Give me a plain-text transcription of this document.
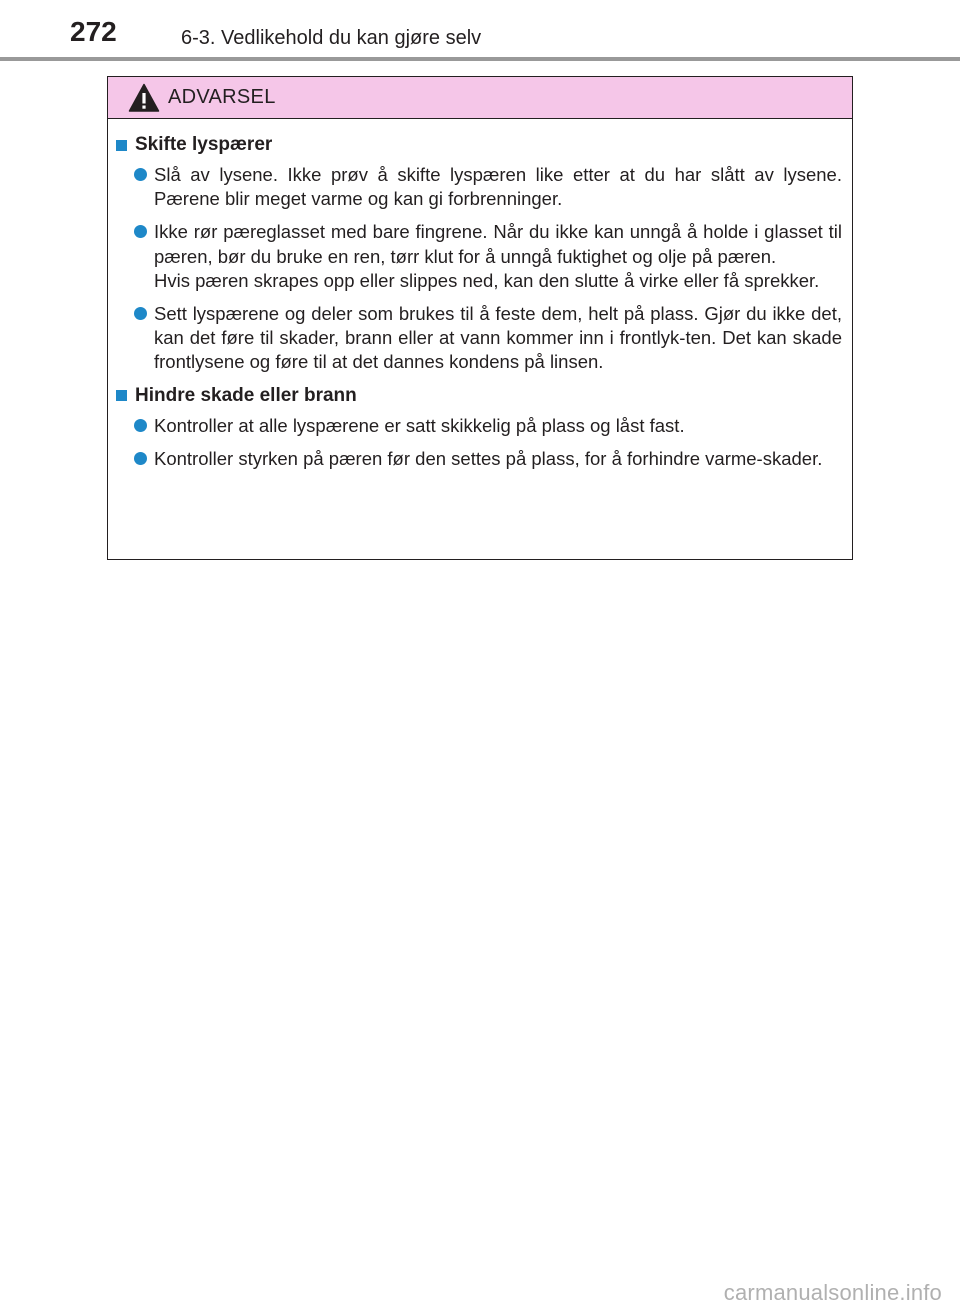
272	6-3. Vedlikehold du kan gjøre selv
ADVARSEL
Skifte lyspærer

Slå av lysene. Ikke prøv å skifte lyspæren like etter at du har slått av lysene. Pærene blir meget varme og kan gi forbrenninger.

Ikke rør pæreglasset med bare fingrene. Når du ikke kan unngå å holde i glasset til pæren, bør du bruke en ren, tørr klut for å unngå fuktighet og olje på pæren.

Hvis pæren skrapes opp eller slippes ned, kan den slutte å virke eller få sprekker.

Sett lyspærene og deler som brukes til å feste dem, helt på plass. Gjør du ikke det, kan det føre til skader, brann eller at vann kommer inn i frontlyk-ten. Det kan skade frontlysene og føre til at det dannes kondens på linsen.

Hindre skade eller brann

Kontroller at alle lyspærene er satt skikkelig på plass og låst fast.

Kontroller styrken på pæren før den settes på plass, for å forhindre varme-skader.

carmanualsonline.info
